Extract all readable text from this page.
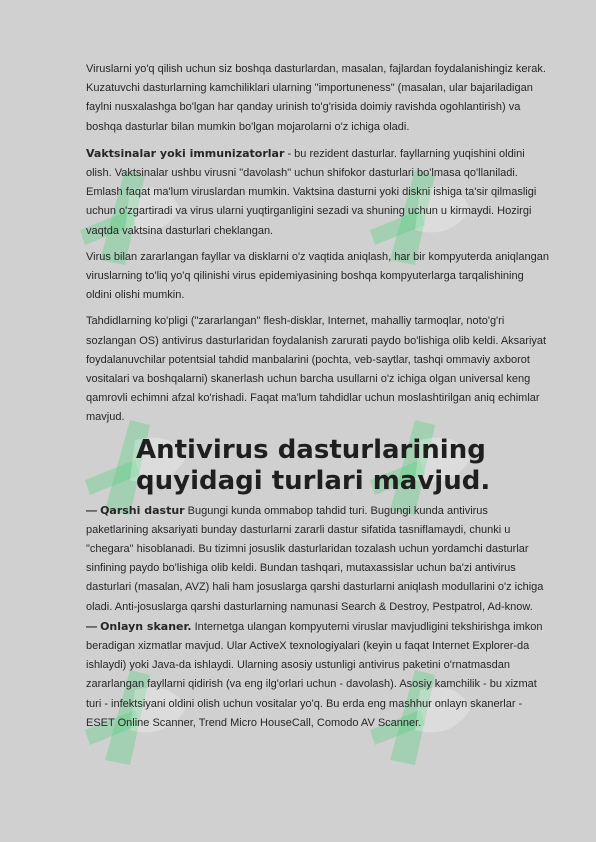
Viruslarni yo'q qilish uchun siz boshqa dasturlardan, masalan, fajlardan foydalanishingiz kerak. Kuzatuvchi dasturlarning kamchiliklari ularning "importuneness" (masalan, ular bajariladigan faylni nusxalashga bo'lgan har qanday urinish to'g'risida doimiy ravishda ogohlantirish) va boshqa dasturlar bilan mumkin bo'lgan mojarolarni o'z ichiga oladi.

Vaktsinalar yoki immunizatorlar - bu rezident dasturlar. fayllarning yuqishini oldini olish. Vaktsinalar ushbu virusni "davolash" uchun shifokor dasturlari bo'lmasa qo'llaniladi. Emlash faqat ma'lum viruslardan mumkin. Vaktsina dasturni yoki diskni ishiga ta'sir qilmasligi uchun o'zgartiradi va virus ularni yuqtirganligini sezadi va shuning uchun u kirmaydi. Hozirgi vaqtda vaktsina dasturlari cheklangan.

Virus bilan zararlangan fayllar va disklarni o'z vaqtida aniqlash, har bir kompyuterda aniqlangan viruslarning to'liq yo'q qilinishi virus epidemiyasining boshqa kompyuterlarga tarqalishining oldini olishi mumkin.

Tahdidlarning ko'pligi ("zararlangan" flesh-disklar, Internet, mahalliy tarmoqlar, noto'g'ri sozlangan OS) antivirus dasturlaridan foydalanish zarurati paydo bo'lishiga olib keldi. Aksariyat foydalanuvchilar potentsial tahdid manbalarini (pochta, veb-saytlar, tashqi ommaviy axborot vositalari va boshqalarni) skanerlash uchun barcha usullarni o'z ichiga olgan universal keng qamrovli echimni afzal ko'rishadi. Faqat ma'lum tahdidlar uchun moslashtirilgan aniq echimlar mavjud.

Antivirus dasturlarining quyidagi turlari mavjud.

— Qarshi dastur Bugungi kunda ommabop tahdid turi. Bugungi kunda antivirus paketlarining aksariyati bunday dasturlarni zararli dastur sifatida tasniflamaydi, chunki u "chegara" hisoblanadi. Bu tizimni josuslik dasturlaridan tozalash uchun yordamchi dasturlar sinfining paydo bo'lishiga olib keldi. Bundan tashqari, mutaxassislar uchun ba'zi antivirus dasturlari (masalan, AVZ) hali ham josuslarga qarshi dasturlarni aniqlash modullarini o'z ichiga oladi. Anti-josuslarga qarshi dasturlarning namunasi Search & Destroy, Pestpatrol, Ad-know.

— Onlayn skaner. Internetga ulangan kompyuterni viruslar mavjudligini tekshirishga imkon beradigan xizmatlar mavjud. Ular ActiveX texnologiyalari (keyin u faqat Internet Explorer-da ishlaydi) yoki Java-da ishlaydi. Ularning asosiy ustunligi antivirus paketini o'rnatmasdan zararlangan fayllarni qidirish (va eng ilg'orlari uchun - davolash). Asosiy kamchilik - bu xizmat turi - infektsiyani oldini olish uchun vositalar yo'q. Bu erda eng mashhur onlayn skanerlar - ESET Online Scanner, Trend Micro HouseCall, Comodo AV Scanner.
